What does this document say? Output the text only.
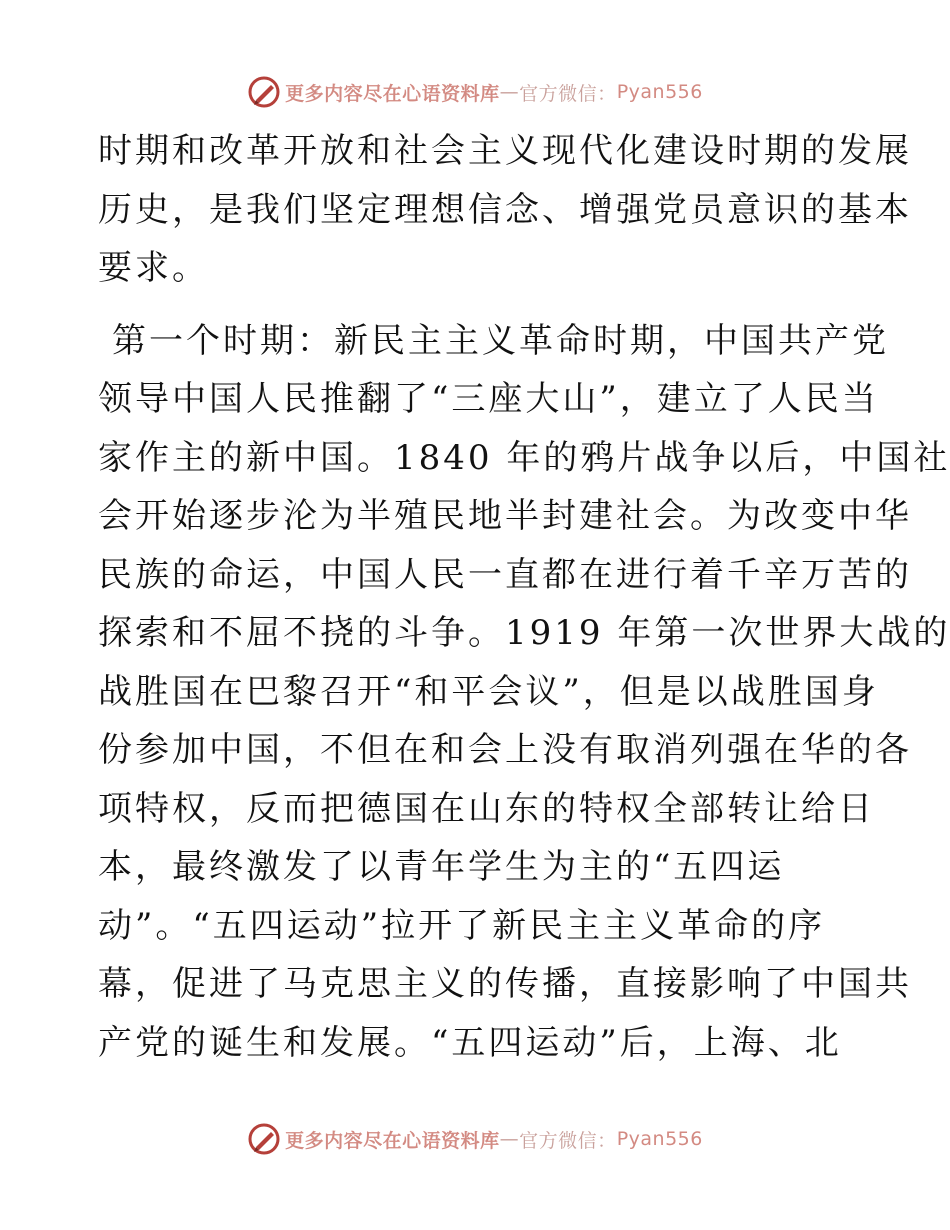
更多内容尽在心语资料库 — 官方微信： Pyan556

时期和改革开放和社会主义现代化建设时期的发展
历史，是我们坚定理想信念、增强党员意识的基本
要求。

第一个时期：新民主主义革命时期，中国共产党
领导中国人民推翻了“三座大山”，建立了人民当
家作主的新中国。1840 年的鸦片战争以后，中国社
会开始逐步沦为半殖民地半封建社会。为改变中华
民族的命运，中国人民一直都在进行着千辛万苦的
探索和不屈不挠的斗争。1919 年第一次世界大战的
战胜国在巴黎召开“和平会议”，但是以战胜国身
份参加中国，不但在和会上没有取消列强在华的各
项特权，反而把德国在山东的特权全部转让给日
本，最终激发了以青年学生为主的“五四运
动”。“五四运动”拉开了新民主主义革命的序
幕，促进了马克思主义的传播，直接影响了中国共
产党的诞生和发展。“五四运动”后，上海、北

更多内容尽在心语资料库 — 官方微信： Pyan556
